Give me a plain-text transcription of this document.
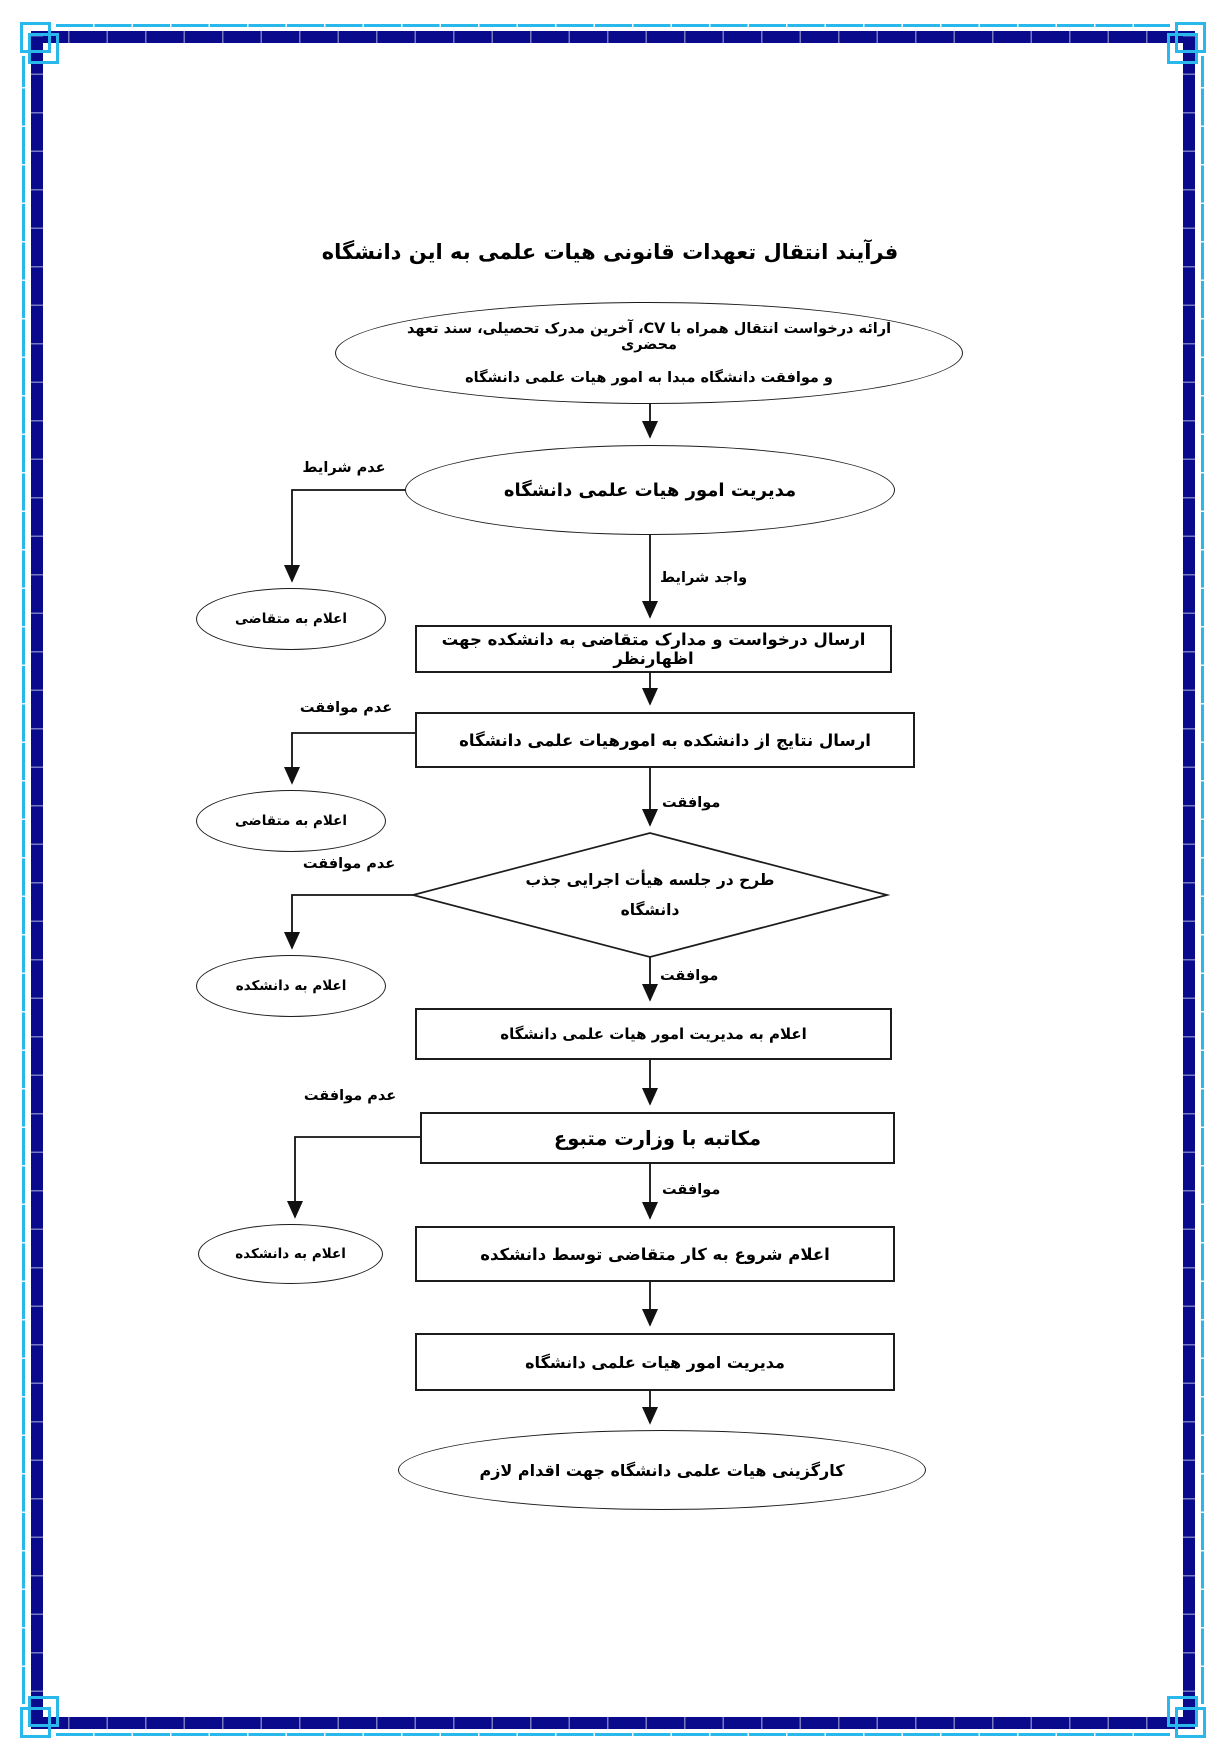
فرآیند انتقال تعهدات قانونی هیات علمی به این دانشگاه
ارائه درخواست انتقال همراه با CV، آخرین مدرک تحصیلی، سند تعهد محضری
و موافقت دانشگاه مبدا به امور هیات علمی دانشگاه
مدیریت امور هیات علمی دانشگاه
اعلام به متقاضی
ارسال درخواست و مدارک متقاضی به دانشکده جهت اظهارنظر
ارسال نتایج از دانشکده به امورهیات علمی دانشگاه
اعلام به متقاضی
طرح در جلسه هیأت اجرایی جذب
دانشگاه
اعلام به دانشکده
اعلام به مدیریت امور هیات علمی دانشگاه
مکاتبه با وزارت متبوع
اعلام به دانشکده	اعلام شروع به کار متقاضی توسط دانشکده
مدیریت امور هیات علمی دانشگاه
کارگزینی هیات علمی دانشگاه جهت اقدام لازم
عدم شرایط
واجد شرایط
عدم موافقت
موافقت
عدم موافقت
موافقت
عدم موافقت
موافقت
